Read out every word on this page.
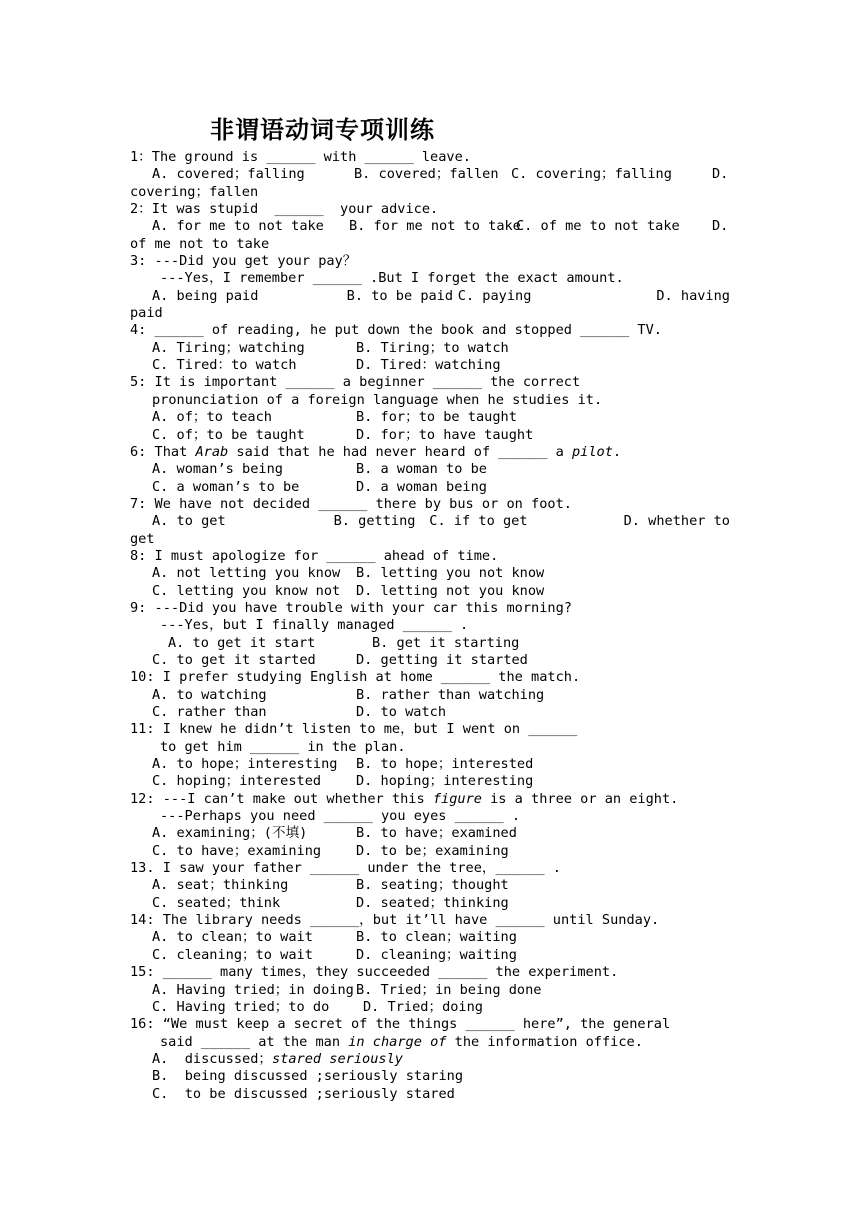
非谓语动词专项训练
1：The ground is ______ with ______ leave.
A. covered；falling	B. covered；fallen C. covering；falling	D.
covering；fallen
2：It was stupid  ______  your advice.
A. for me to not take	B. for me not to take
C. of me to not take	D.
of me not to take
3: ---Did you get your pay？
---Yes，I remember ______ .But I forget the exact amount.
A. being paid	B. to be paid C. paying	D. having
paid
4: ______ of reading, he put down the book and stopped ______ TV.
A. Tiring；watching	B. Tiring；to watch
C. Tired：to watch	D. Tired：watching
5: It is important ______ a beginner ______ the correct
pronunciation of a foreign language when he studies it.
A. of；to teach	B. for；to be taught
C. of；to be taught	D. for；to have taught
6: That Arab said that he had never heard of ______ a pilot.
A. woman’s being	B. a woman to be
C. a woman’s to be	D. a woman being
7: We have not decided ______ there by bus or on foot.
A. to get	B. getting	C. if to get	D. whether to
get
8: I must apologize for ______ ahead of time.
A. not letting you know	B. letting you not know
C. letting you know not	D. letting not you know
9: ---Did you have trouble with your car this morning?
---Yes，but I finally managed ______ .
A. to get it start	B. get it starting
C. to get it started	D. getting it started
10: I prefer studying English at home ______ the match.
A. to watching	B. rather than watching
C. rather than	D. to watch
11: I knew he didn’t listen to me，but I went on ______
to get him ______ in the plan.
A. to hope；interesting	B. to hope；interested
C. hoping；interested	D. hoping；interesting
12: ---I can’t make out whether this figure is a three or an eight.
---Perhaps you need ______ you eyes ______ .
A. examining；(不填)	B. to have；examined
C. to have；examining	D. to be；examining
13. I saw your father ______ under the tree，______ .
A. seat；thinking	B. seating；thought
C. seated；think	D. seated；thinking
14: The library needs ______，but it’ll have ______ until Sunday.
A. to clean；to wait	B. to clean；waiting
C. cleaning；to wait	D. cleaning；waiting
15: ______ many times，they succeeded ______ the experiment.
A. Having tried；in doing B. Tried；in being done
C. Having tried；to do	D. Tried；doing
16: “We must keep a secret of the things ______ here”, the general
said ______ at the man in charge of the information office.
A.  discussed；stared seriously
B.  being discussed ;seriously staring
C.  to be discussed ;seriously stared
